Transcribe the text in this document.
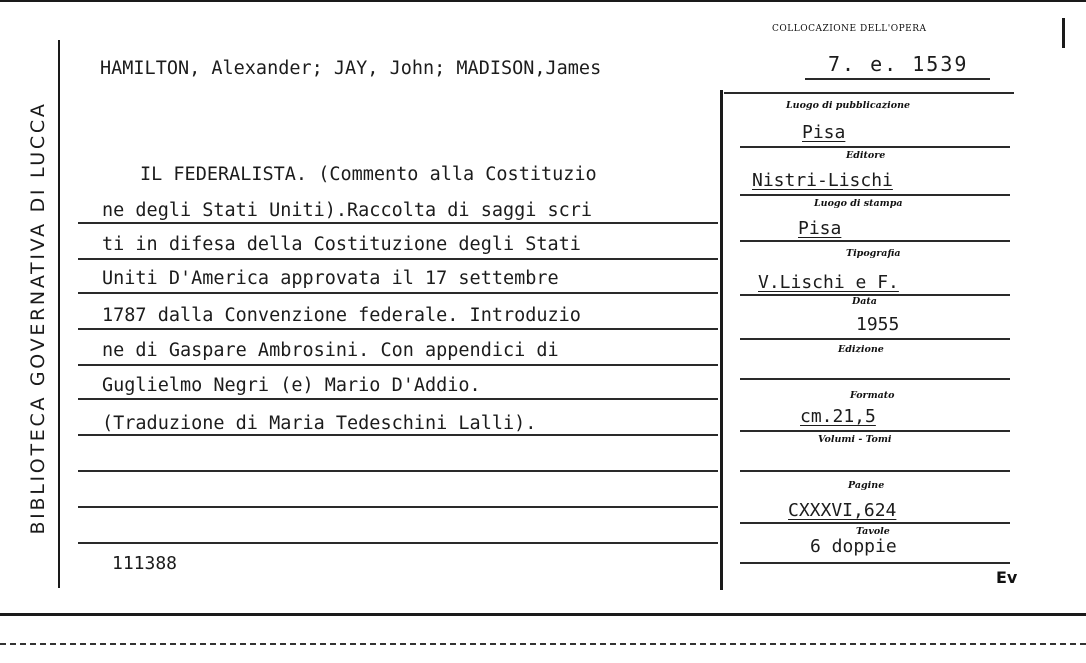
BIBLIOTECA GOVERNATIVA DI LUCCA
HAMILTON, Alexander; JAY, John; MADISON,James
COLLOCAZIONE DELL'OPERA
7. e. 1539
IL FEDERALISTA. (Commento alla Costituzio
ne degli Stati Uniti).Raccolta di saggi scri
ti in difesa della Costituzione degli Stati
Uniti D'America approvata il 17 settembre
1787 dalla Convenzione federale. Introduzio
ne di Gaspare Ambrosini. Con appendici di
Guglielmo Negri (e) Mario D'Addio.
(Traduzione di Maria Tedeschini Lalli).
111388
Luogo di pubblicazione
Pisa
Editore
Nistri-Lischi
Luogo di stampa
Pisa
Tipografia
V.Lischi e F.
Data
1955
Edizione
Formato
cm.21,5
Volumi - Tomi
Pagine
CXXXVI,624
Tavole
6 doppie
Ev
